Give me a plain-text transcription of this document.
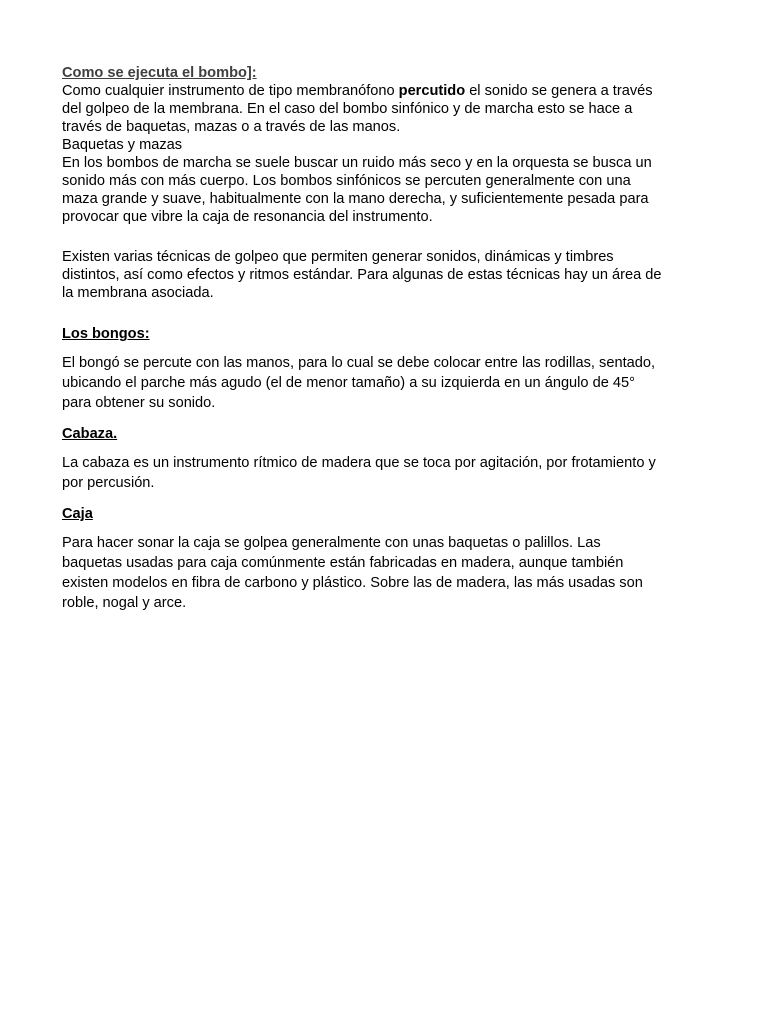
Como se ejecuta el bombo]:

Como cualquier instrumento de tipo membranófono percutido el sonido se genera a través del golpeo de la membrana. En el caso del bombo sinfónico y de marcha esto se hace a través de baquetas, mazas o a través de las manos.

Baquetas y mazas

En los bombos de marcha se suele buscar un ruido más seco y en la orquesta se busca un sonido más con más cuerpo. Los bombos sinfónicos se percuten generalmente con una maza grande y suave, habitualmente con la mano derecha, y suficientemente pesada para provocar que vibre la caja de resonancia del instrumento.

Existen varias técnicas de golpeo que permiten generar sonidos, dinámicas y timbres distintos, así como efectos y ritmos estándar. Para algunas de estas técnicas hay un área de la membrana asociada.

Los bongos:

El bongó se percute con las manos, para lo cual se debe colocar entre las rodillas, sentado, ubicando el parche más agudo (el de menor tamaño) a su izquierda en un ángulo de 45° para obtener su sonido.

Cabaza.

La cabaza es un instrumento rítmico de madera que se toca por agitación, por frotamiento y por percusión.

Caja

Para hacer sonar la caja se golpea generalmente con unas baquetas o palillos. Las baquetas usadas para caja comúnmente están fabricadas en madera, aunque también existen modelos en fibra de carbono y plástico. Sobre las de madera, las más usadas son roble, nogal y arce.
